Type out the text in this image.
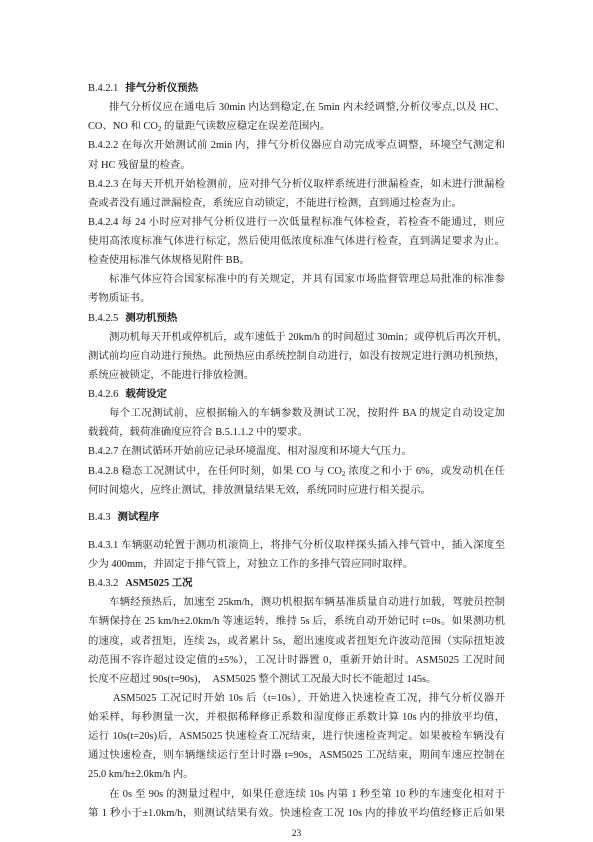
B.4.2.1 排气分析仪预热
排气分析仪应在通电后 30min 内达到稳定,在 5min 内未经调整,分析仪零点,以及 HC、
CO、NO 和 $CO_2$ 的量距气读数应稳定在误差范围内。
B.4.2.2 在每次开始测试前 2min 内，排气分析仪器应自动完成零点调整，环境空气测定和
对 HC 残留量的检查。
B.4.2.3 在每天开机开始检测前，应对排气分析仪取样系统进行泄漏检查，如未进行泄漏检
查或者没有通过泄漏检查，系统应自动锁定，不能进行检测，直到通过检查为止。
B.4.2.4 每 24 小时应对排气分析仪进行一次低量程标准气体检查，若检查不能通过，则应
使用高浓度标准气体进行标定，然后使用低浓度标准气体进行检查，直到满足要求为止。
检查使用标准气体规格见附件 BB。
标准气体应符合国家标准中的有关规定，并具有国家市场监督管理总局批准的标准参
考物质证书。
B.4.2.5 测功机预热
测功机每天开机或停机后，或车速低于 20km/h 的时间超过 30min；或停机后再次开机，
测试前均应自动进行预热。此预热应由系统控制自动进行，如没有按规定进行测功机预热，
系统应被锁定，不能进行排放检测。
B.4.2.6 载荷设定
每个工况测试前，应根据输入的车辆参数及测试工况，按附件 BA 的规定自动设定加
载载荷，载荷准确度应符合 B.5.1.1.2 中的要求。
B.4.2.7 在测试循环开始前应记录环境温度、相对湿度和环境大气压力。
B.4.2.8 稳态工况测试中，在任何时刻，如果 CO 与 $CO_2$ 浓度之和小于 6%，或发动机在任
何时间熄火，应终止测试，排放测量结果无效，系统同时应进行相关提示。
B.4.3 测试程序
B.4.3.1 车辆驱动轮置于测功机滚筒上，将排气分析仪取样探头插入排气管中，插入深度至
少为 400mm，并固定于排气管上，对独立工作的多排气管应同时取样。
B.4.3.2 ASM5025 工况
车辆经预热后，加速至 25km/h，测功机根据车辆基准质量自动进行加载，驾驶员控制
车辆保持在 25 km/h±2.0km/h 等速运转，维持 5s 后，系统自动开始记时 t=0s。如果测功机
的速度，或者扭矩，连续 2s，或者累计 5s，超出速度或者扭矩允许波动范围（实际扭矩波
动范围不容许超过设定值的±5%），工况计时器置 0，重新开始计时。ASM5025 工况时间
长度不应超过 90s(t=90s)，  ASM5025 整个测试工况最大时长不能超过 145s。
ASM5025 工况记时开始 10s 后（t=10s），开始进入快速检查工况，排气分析仪器开
始采样，每秒测量一次，并根据稀释修正系数和湿度修正系数计算 10s 内的排放平均值，
运行 10s(t=20s)后，ASM5025 快速检查工况结束，进行快速检查判定。如果被检车辆没有
通过快速检查，则车辆继续运行至计时器 t=90s，ASM5025 工况结束，期间车速应控制在
25.0 km/h±2.0km/h 内。
在 0s 至 90s 的测量过程中，如果任意连续 10s 内第 1 秒至第 10 秒的车速变化相对于
第 1 秒小于±1.0km/h，则测试结果有效。快速检查工况 10s 内的排放平均值经修正后如果
23
